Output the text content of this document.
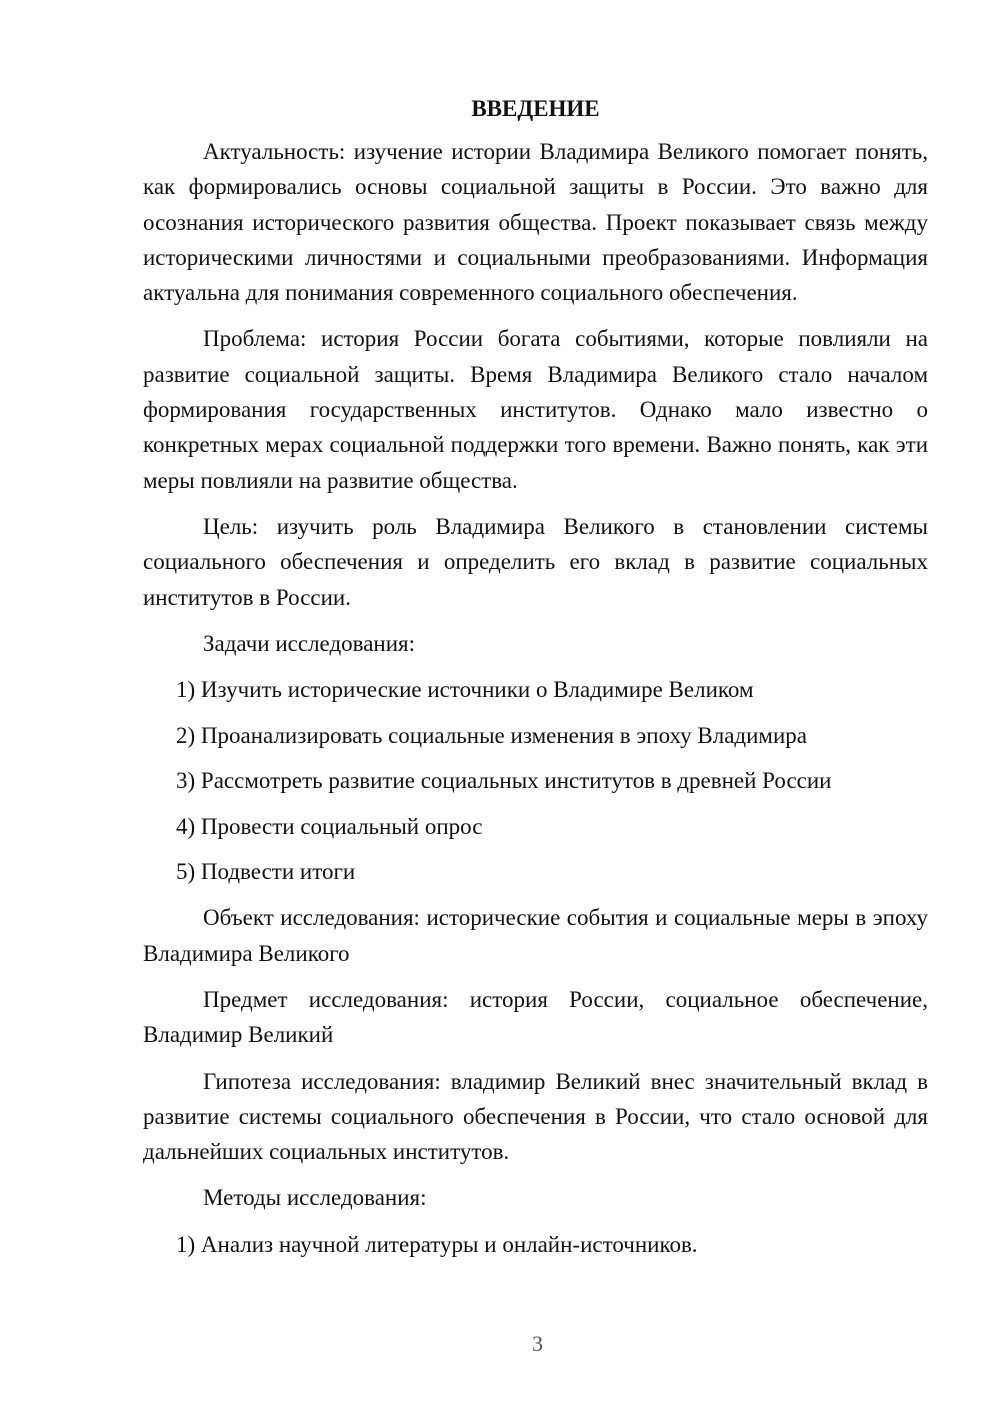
ВВЕДЕНИЕ

Актуальность: изучение истории Владимира Великого помогает понять, как формировались основы социальной защиты в России. Это важно для осознания исторического развития общества. Проект показывает связь между историческими личностями и социальными преобразованиями. Информация актуальна для понимания современного социального обеспечения.

Проблема: история России богата событиями, которые повлияли на развитие социальной защиты. Время Владимира Великого стало началом формирования государственных институтов. Однако мало известно о конкретных мерах социальной поддержки того времени. Важно понять, как эти меры повлияли на развитие общества.

Цель: изучить роль Владимира Великого в становлении системы социального обеспечения и определить его вклад в развитие социальных институтов в России.

Задачи исследования:

1) Изучить исторические источники о Владимире Великом
2) Проанализировать социальные изменения в эпоху Владимира
3) Рассмотреть развитие социальных институтов в древней России
4) Провести социальный опрос
5) Подвести итоги

Объект исследования: исторические события и социальные меры в эпоху Владимира Великого

Предмет исследования: история России, социальное обеспечение, Владимир Великий

Гипотеза исследования: владимир Великий внес значительный вклад в развитие системы социального обеспечения в России, что стало основой для дальнейших социальных институтов.

Методы исследования:

1) Анализ научной литературы и онлайн-источников.
3
